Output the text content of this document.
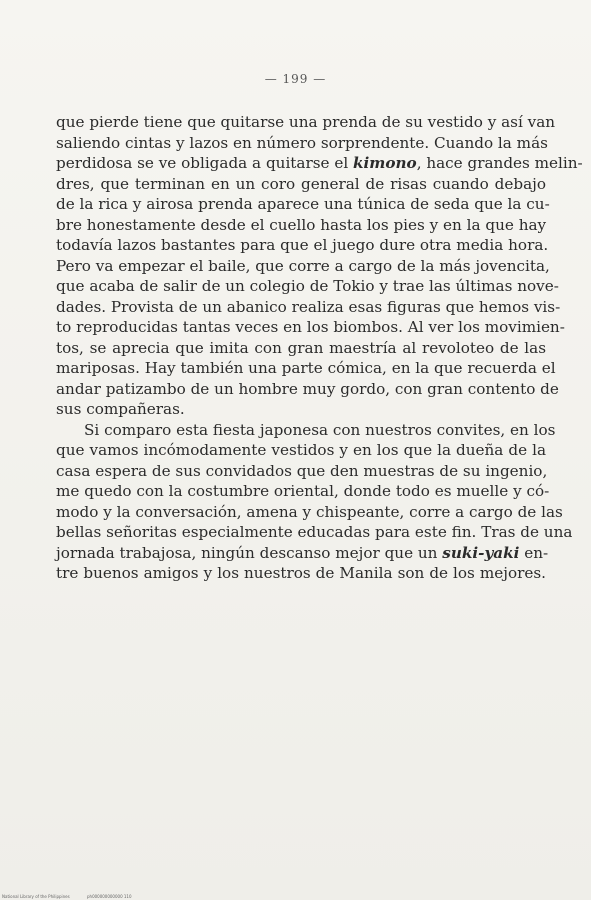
— 199 —
que pierde tiene que quitarse una prenda de su vestido y así van
saliendo cintas y lazos en número sorprendente. Cuando la más
perdidosa se ve obligada a quitarse el kimono, hace grandes melin-
dres, que terminan en un coro general de risas cuando debajo
de la rica y airosa prenda aparece una túnica de seda que la cu-
bre honestamente desde el cuello hasta los pies y en la que hay
todavía lazos bastantes para que el juego dure otra media hora.
Pero va empezar el baile, que corre a cargo de la más jovencita,
que acaba de salir de un colegio de Tokio y trae las últimas nove-
dades. Provista de un abanico realiza esas figuras que hemos vis-
to reproducidas tantas veces en los biombos. Al ver los movimien-
tos, se aprecia que imita con gran maestría al revoloteo de las
mariposas. Hay también una parte cómica, en la que recuerda el
andar patizambo de un hombre muy gordo, con gran contento de
sus compañeras.
Si comparo esta fiesta japonesa con nuestros convites, en los
que vamos incómodamente vestidos y en los que la dueña de la
casa espera de sus convidados que den muestras de su ingenio,
me quedo con la costumbre oriental, donde todo es muelle y có-
modo y la conversación, amena y chispeante, corre a cargo de las
bellas señoritas especialmente educadas para este fin. Tras de una
jornada trabajosa, ningún descanso mejor que un suki-yaki en-
tre buenos amigos y los nuestros de Manila son de los mejores.
National Library of the Philippines	ph000000000000 110
